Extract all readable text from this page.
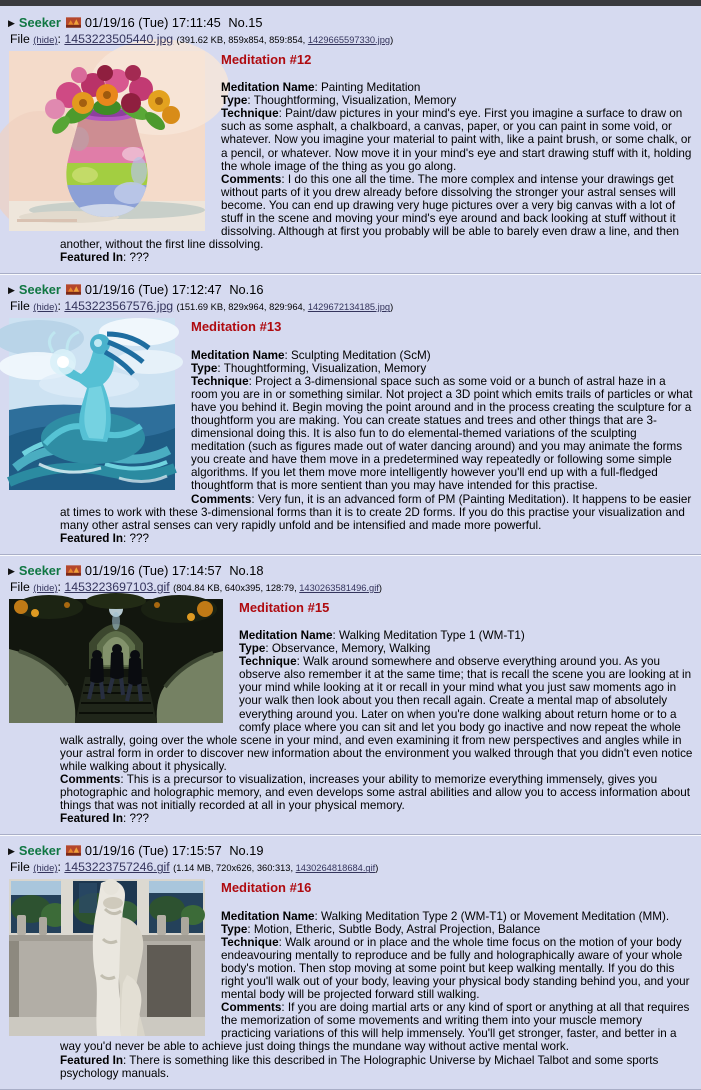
▶ Seeker 01/19/16 (Tue) 17:11:45 No.15
File (hide): 1453223505440.jpg (391.62 KB, 859x854, 859:854, 1429665597330.jpg)
Meditation #12
Meditation Name: Painting Meditation
Type: Thoughtforming, Visualization, Memory
Technique: Paint/daw pictures in your mind's eye. First you imagine a surface to draw on such as some asphalt, a chalkboard, a canvas, paper, or you can paint in some void, or whatever. Now you imagine your material to paint with, like a paint brush, or some chalk, or a pencil, or whatever. Now move it in your mind's eye and start drawing stuff with it, holding the whole image of the thing as you go along.
Comments: I do this one all the time. The more complex and intense your drawings get without parts of it you drew already before dissolving the stronger your astral senses will become. You can end up drawing very huge pictures over a very big canvas with a lot of stuff in the scene and moving your mind's eye around and back looking at stuff without it dissolving. Although at first you probably will be able to barely even draw a line, and then another, without the first line dissolving.
Featured In: ???
▶ Seeker 01/19/16 (Tue) 17:12:47 No.16
File (hide): 1453223567576.jpg (151.69 KB, 829x964, 829:964, 1429672134185.jpg)
Meditation #13
Meditation Name: Sculpting Meditation (ScM)
Type: Thoughtforming, Visualization, Memory
Technique: Project a 3-dimensional space such as some void or a bunch of astral haze in a room you are in or something similar. Not project a 3D point which emits trails of particles or what have you behind it. Begin moving the point around and in the process creating the sculpture for a thoughtform you are making. You can create statues and trees and other things that are 3-dimensional doing this. It is also fun to do elemental-themed variations of the sculpting meditation (such as figures made out of water dancing around) and you may animate the forms you create and have them move in a predetermined way repeatedly or following some simple algorithms. If you let them move more intelligently however you'll end up with a full-fledged thoughtform that is more sentient than you may have intended for this practise.
Comments: Very fun, it is an advanced form of PM (Painting Meditation). It happens to be easier at times to work with these 3-dimensional forms than it is to create 2D forms. If you do this practise your visualization and many other astral senses can very rapidly unfold and be intensified and made more powerful.
Featured In: ???
▶ Seeker 01/19/16 (Tue) 17:14:57 No.18
File (hide): 1453223697103.gif (804.84 KB, 640x395, 128:79, 1430263581496.gif)
Meditation #15
Meditation Name: Walking Meditation Type 1 (WM-T1)
Type: Observance, Memory, Walking
Technique: Walk around somewhere and observe everything around you. As you observe also remember it at the same time; that is recall the scene you are looking at in your mind while looking at it or recall in your mind what you just saw moments ago in your walk then look about you then recall again. Create a mental map of absolutely everything around you. Later on when you're done walking about return home or to a comfy place where you can sit and let you body go inactive and now repeat the whole walk astrally, going over the whole scene in your mind, and even examining it from new perspectives and angles while in your astral form in order to discover new information about the environment you walked through that you didn't even notice while walking about it physically.
Comments: This is a precursor to visualization, increases your ability to memorize everything immensely, gives you photographic and holographic memory, and even develops some astral abilities and allow you to access information about things that was not initially recorded at all in your physical memory.
Featured In: ???
▶ Seeker 01/19/16 (Tue) 17:15:57 No.19
File (hide): 1453223757246.gif (1.14 MB, 720x626, 360:313, 1430264818684.gif)
Meditation #16
Meditation Name: Walking Meditation Type 2 (WM-T1) or Movement Meditation (MM).
Type: Motion, Etheric, Subtle Body, Astral Projection, Balance
Technique: Walk around or in place and the whole time focus on the motion of your body endeavouring mentally to reproduce and be fully and holographically aware of your whole body's motion. Then stop moving at some point but keep walking mentally. If you do this right you'll walk out of your body, leaving your physical body standing behind you, and your mental body will be projected forward still walking.
Comments: If you are doing martial arts or any kind of sport or anything at all that requires the memorization of some movements and writing them into your muscle memory practicing variations of this will help immensely. You'll get stronger, faster, and better in a way you'd never be able to achieve just doing things the mundane way without active mental work.
Featured In: There is something like this described in The Holographic Universe by Michael Talbot and some sports psychology manuals.
